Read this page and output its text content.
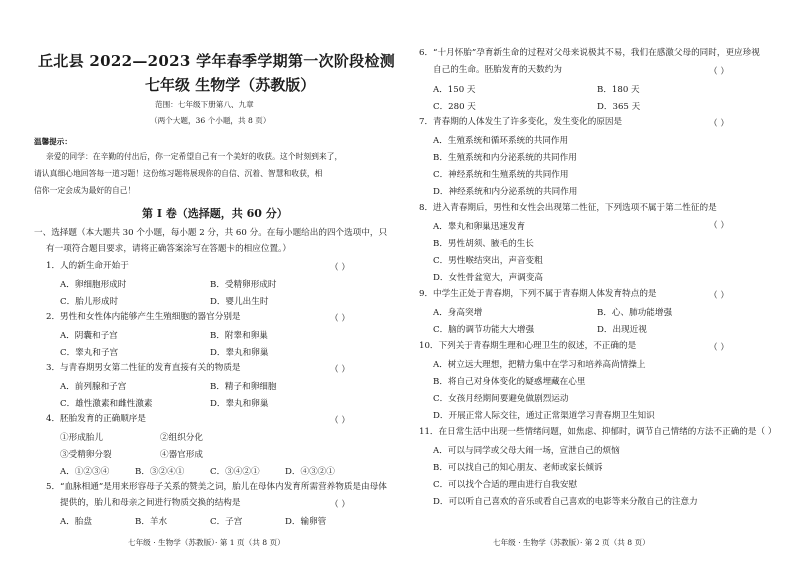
丘北县 2022—2023 学年春季学期第一次阶段检测
七年级 生物学（苏教版）
范围：七年级下册第八、九章
（两个大题，36 个小题，共 8 页）
温馨提示：
亲爱的同学：在辛勤的付出后，你一定希望自己有一个美好的收获。这个时刻到来了，
请认真细心地回答每一道习题！这份练习题将展现你的自信、沉着、智慧和收获，相
信你一定会成为最好的自己！
第 Ⅰ 卷（选择题，共 60 分）
一、选择题（本大题共 30 个小题，每小题 2 分，共 60 分。在每小题给出的四个选项中，只
有一项符合题目要求，请将正确答案涂写在答题卡的相应位置。）
1．人的新生命开始于	（ ）
A．卵细胞形成时	B．受精卵形成时
C．胎儿形成时	D．婴儿出生时
2．男性和女性体内能够产生生殖细胞的器官分别是	（ ）
A．阴囊和子宫	B．附睾和卵巢
C．睾丸和子宫	D．睾丸和卵巢
3．与青春期男女第二性征的发育直接有关的物质是	（ ）
A．前列腺和子宫	B．精子和卵细胞
C．雄性激素和雌性激素	D．睾丸和卵巢
4．胚胎发育的正确顺序是	（ ）
①形成胎儿	②组织分化
③受精卵分裂	④器官形成
A．①②③④	B．③②④①	C．③④②①	D．④③②①
5．“血脉相通”是用来形容母子关系的赞美之词，胎儿在母体内发育所需营养物质是由母体
提供的，胎儿和母亲之间进行物质交换的结构是	（ ）
A．胎盘	B．羊水	C．子宫	D．输卵管
七年级 · 生物学（苏教版）· 第 1 页（共 8 页）
6．“十月怀胎”孕育新生命的过程对父母来说极其不易，我们在感激父母的同时，更应珍视
自己的生命。胚胎发育的天数约为	（ ）
A．150 天	B．180 天
C．280 天	D．365 天
7．青春期的人体发生了许多变化，发生变化的原因是	（ ）
A．生殖系统和循环系统的共同作用
B．生殖系统和内分泌系统的共同作用
C．神经系统和生殖系统的共同作用
D．神经系统和内分泌系统的共同作用
8．进入青春期后，男性和女性会出现第二性征，下列选项不属于第二性征的是
（ ）
A．睾丸和卵巢迅速发育
B．男性胡须、腋毛的生长
C．男性喉结突出，声音变粗
D．女性骨盆宽大，声调变高
9．中学生正处于青春期，下列不属于青春期人体发育特点的是	（ ）
A．身高突增	B．心、肺功能增强
C．脑的调节功能大大增强	D．出现近视
10．下列关于青春期生理和心理卫生的叙述，不正确的是	（ ）
A．树立远大理想，把精力集中在学习和培养高尚情操上
B．将自己对身体变化的疑惑埋藏在心里
C．女孩月经期间要避免做剧烈运动
D．开展正常人际交往，通过正常渠道学习青春期卫生知识
11．在日常生活中出现一些情绪问题，如焦虑、抑郁时，调节自己情绪的方法不正确的是（ ）
A．可以与同学或父母大闹一场，宣泄自己的烦恼
B．可以找自己的知心朋友、老师或家长倾诉
C．可以找个合适的理由进行自我安慰
D．可以听自己喜欢的音乐或看自己喜欢的电影等来分散自己的注意力
七年级 · 生物学（苏教版）· 第 2 页（共 8 页）
